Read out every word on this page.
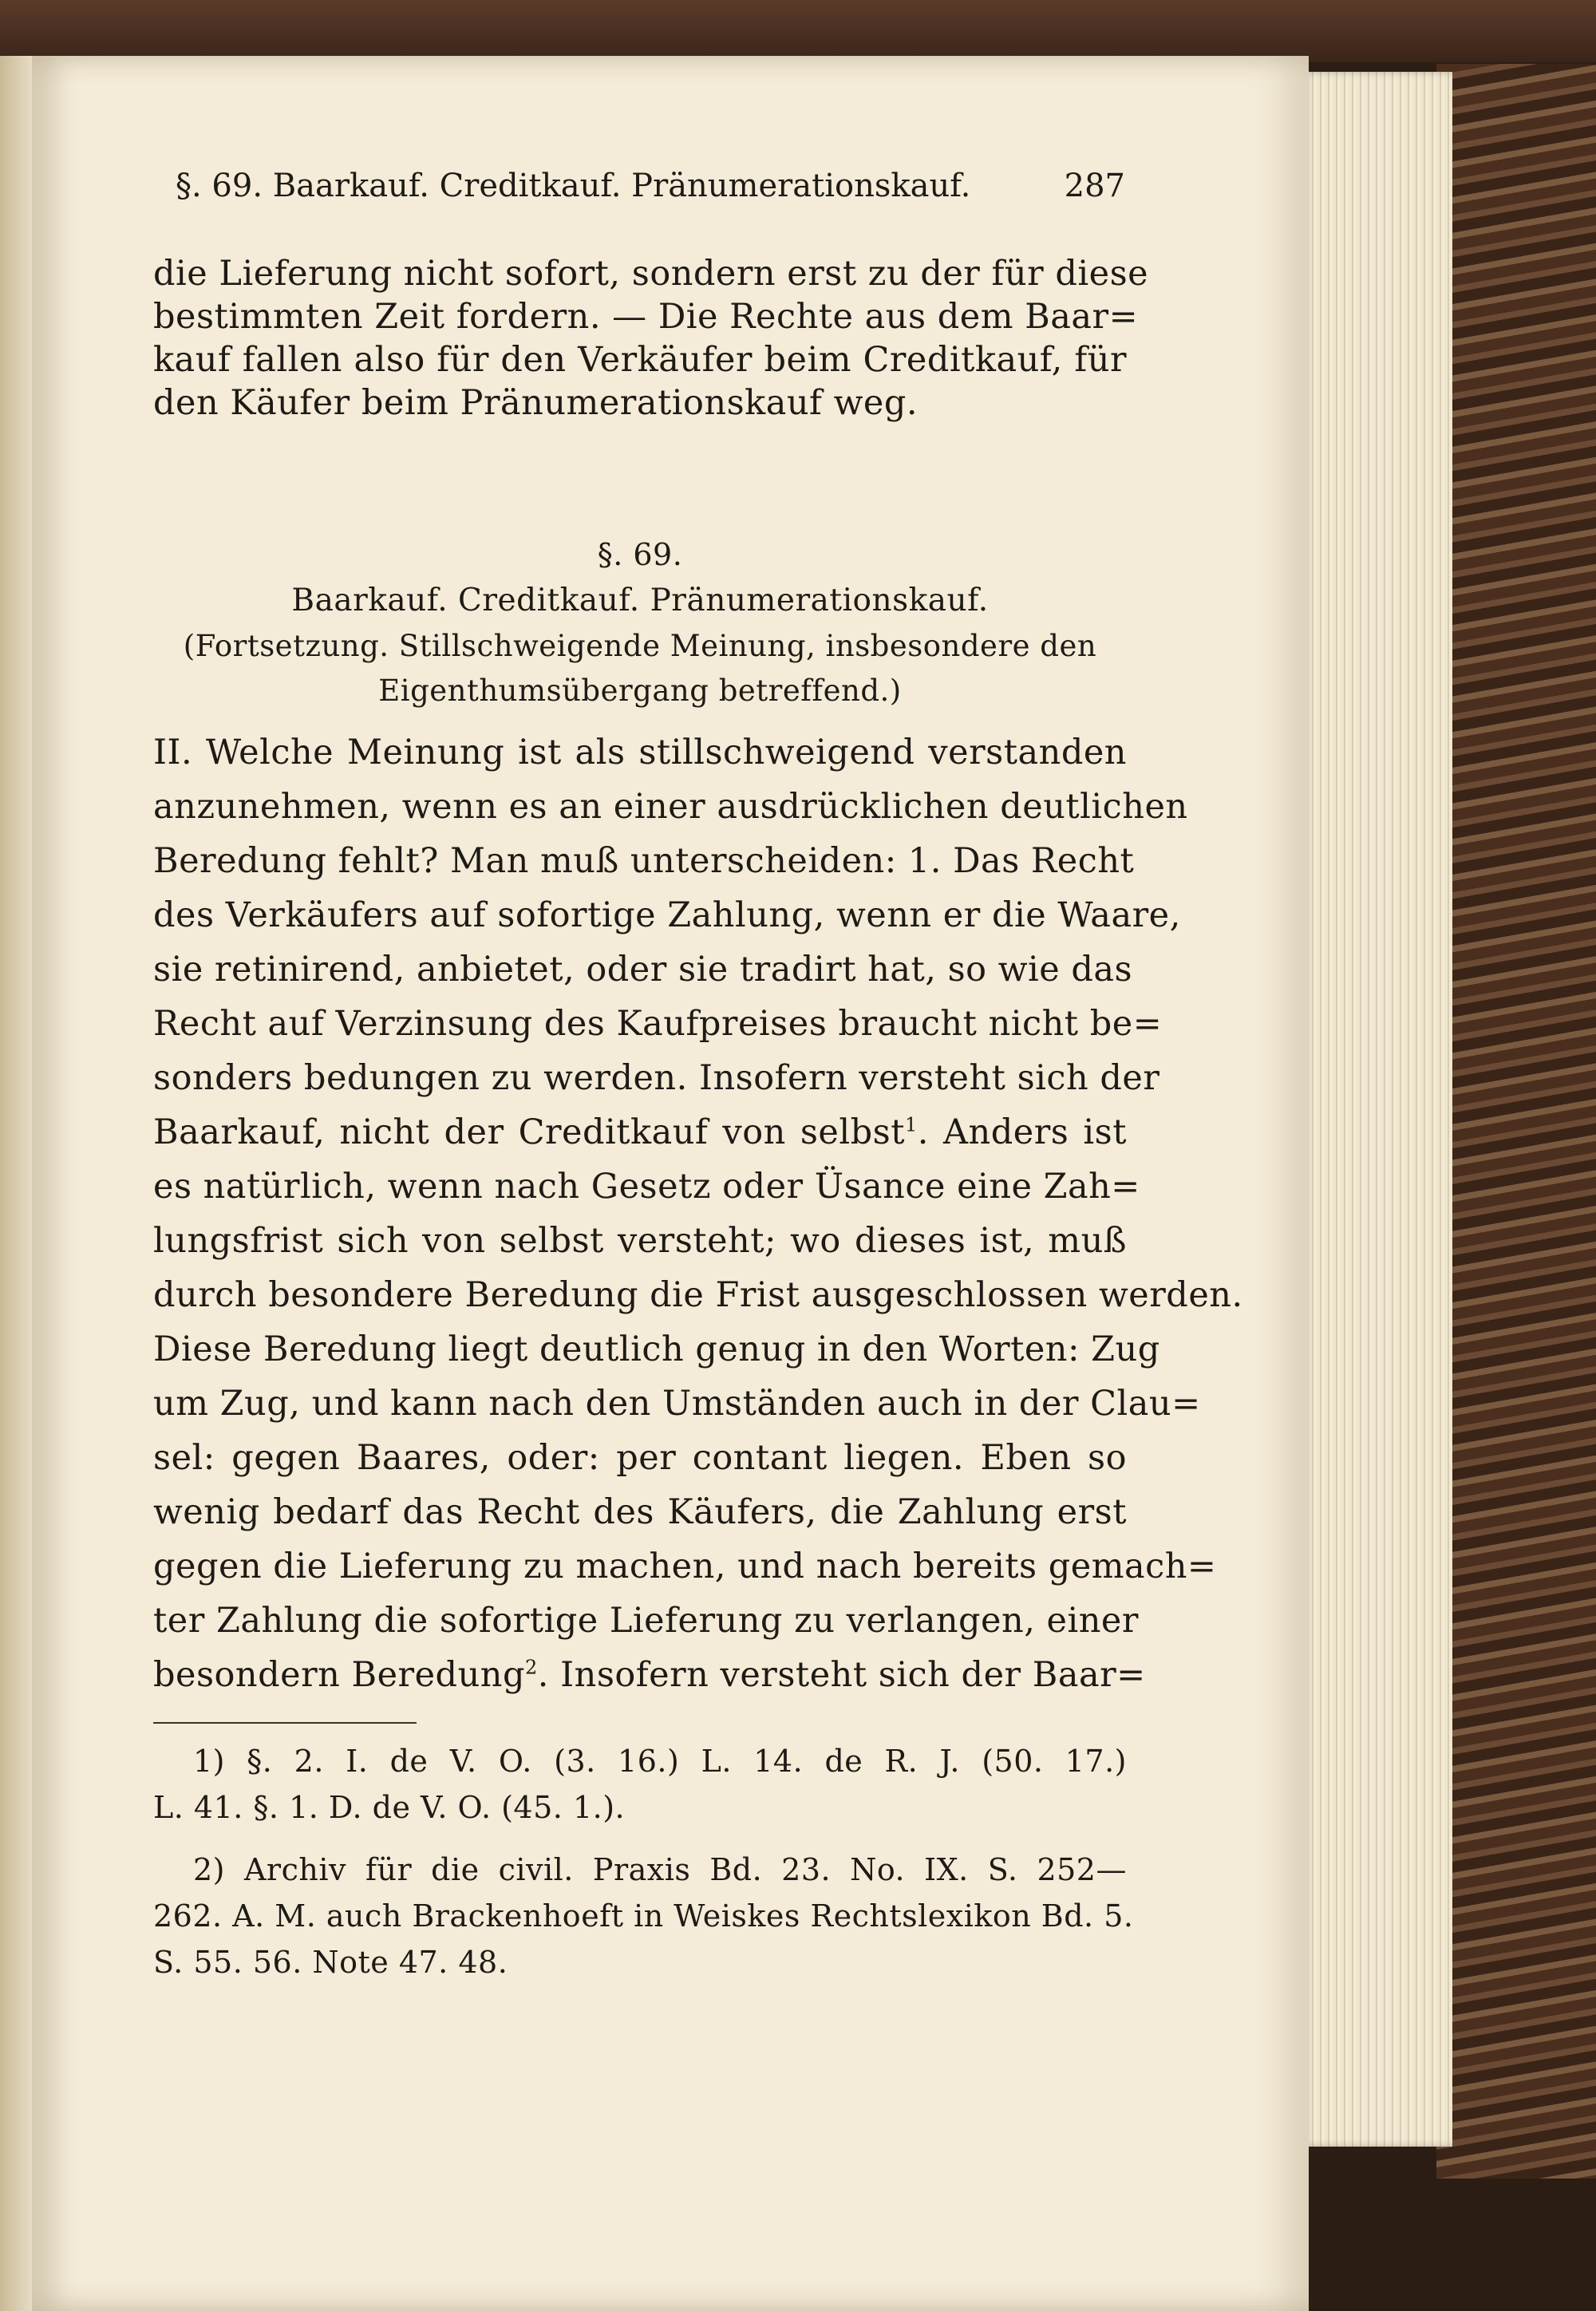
§. 69. Baarkauf. Creditkauf. Pränumerationskauf.	287
die Lieferung nicht sofort, sondern erst zu der für diese
bestimmten Zeit fordern. — Die Rechte aus dem Baar=
kauf fallen also für den Verkäufer beim Creditkauf, für
den Käufer beim Pränumerationskauf weg.
§. 69.
Baarkauf. Creditkauf. Pränumerationskauf.
(Fortsetzung. Stillschweigende Meinung, insbesondere den
Eigenthumsübergang betreffend.)
II. Welche Meinung ist als stillschweigend verstanden
anzunehmen, wenn es an einer ausdrücklichen deutlichen
Beredung fehlt? Man muß unterscheiden: 1. Das Recht
des Verkäufers auf sofortige Zahlung, wenn er die Waare,
sie retinirend, anbietet, oder sie tradirt hat, so wie das
Recht auf Verzinsung des Kaufpreises braucht nicht be=
sonders bedungen zu werden. Insofern versteht sich der
Baarkauf, nicht der Creditkauf von selbst$^1$. Anders ist
es natürlich, wenn nach Gesetz oder Üsance eine Zah=
lungsfrist sich von selbst versteht; wo dieses ist, muß
durch besondere Beredung die Frist ausgeschlossen werden.
Diese Beredung liegt deutlich genug in den Worten: Zug
um Zug, und kann nach den Umständen auch in der Clau=
sel: gegen Baares, oder: per contant liegen. Eben so
wenig bedarf das Recht des Käufers, die Zahlung erst
gegen die Lieferung zu machen, und nach bereits gemach=
ter Zahlung die sofortige Lieferung zu verlangen, einer
besondern Beredung$^2$. Insofern versteht sich der Baar=
1) §. 2. I. de V. O. (3. 16.) L. 14. de R. J. (50. 17.)
L. 41. §. 1. D. de V. O. (45. 1.).
2) Archiv für die civil. Praxis Bd. 23. No. IX. S. 252—
262. A. M. auch Brackenhoeft in Weiskes Rechtslexikon Bd. 5.
S. 55. 56. Note 47. 48.
